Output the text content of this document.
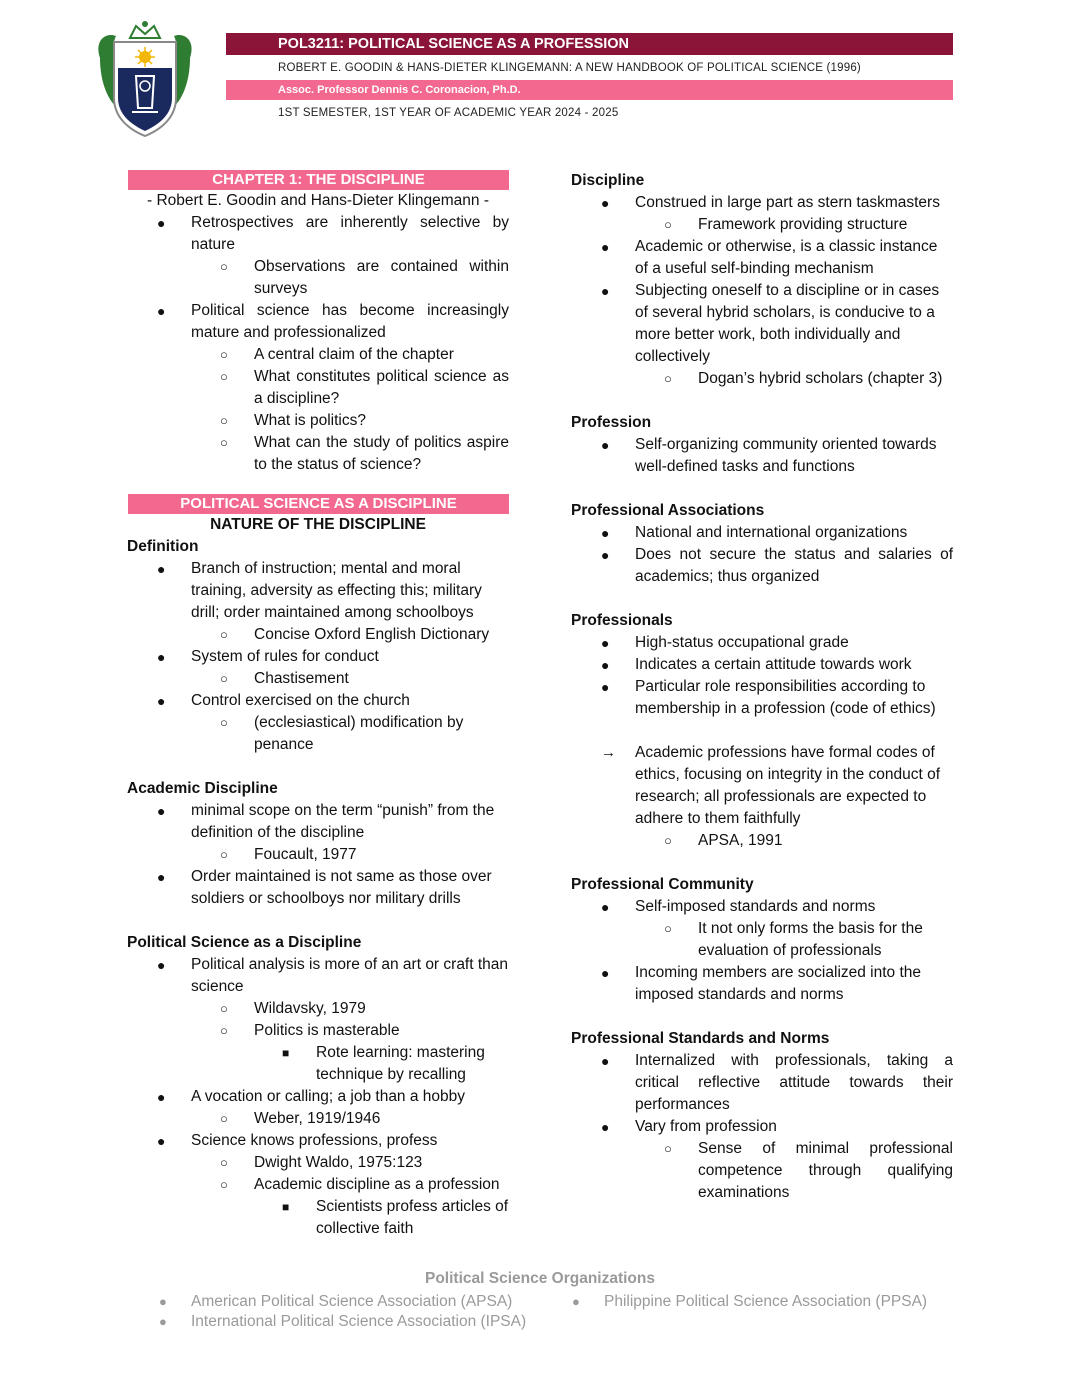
POL3211: POLITICAL SCIENCE AS A PROFESSION
ROBERT E. GOODIN & HANS-DIETER KLINGEMANN: A NEW HANDBOOK OF POLITICAL SCIENCE (1996)
Assoc. Professor Dennis C. Coronacion, Ph.D.
1ST SEMESTER, 1ST YEAR OF ACADEMIC YEAR 2024 - 2025
CHAPTER 1: THE DISCIPLINE
- Robert E. Goodin and Hans-Dieter Klingemann -
●	Retrospectives are inherently selective by nature
○	Observations are contained within surveys
●	Political science has become increasingly mature and professionalized
○	A central claim of the chapter
○	What constitutes political science as a discipline?
○	What is politics?
○	What can the study of politics aspire to the status of science?
POLITICAL SCIENCE AS A DISCIPLINE
NATURE OF THE DISCIPLINE
Definition
●	Branch of instruction; mental and moral training, adversity as effecting this; military drill; order maintained among schoolboys
○	Concise Oxford English Dictionary
●	System of rules for conduct
○	Chastisement
●	Control exercised on the church
○	(ecclesiastical) modification by penance
Academic Discipline
●	minimal scope on the term “punish” from the definition of the discipline
○	Foucault, 1977
●	Order maintained is not same as those over soldiers or schoolboys nor military drills
Political Science as a Discipline
●	Political analysis is more of an art or craft than science
○	Wildavsky, 1979
○	Politics is masterable
■	Rote learning: mastering technique by recalling
●	A vocation or calling; a job than a hobby
○	Weber, 1919/1946
●	Science knows professions, profess
○	Dwight Waldo, 1975:123
○	Academic discipline as a profession
■	Scientists profess articles of collective faith
Discipline
●	Construed in large part as stern taskmasters
○	Framework providing structure
●	Academic or otherwise, is a classic instance of a useful self-binding mechanism
●	Subjecting oneself to a discipline or in cases of several hybrid scholars, is conducive to a more better work, both individually and collectively
○	Dogan’s hybrid scholars (chapter 3)
Profession
●	Self-organizing community oriented towards well-defined tasks and functions
Professional Associations
●	National and international organizations
●	Does not secure the status and salaries of academics; thus organized
Professionals
●	High-status occupational grade
●	Indicates a certain attitude towards work
●	Particular role responsibilities according to membership in a profession (code of ethics)
→	Academic professions have formal codes of ethics, focusing on integrity in the conduct of research; all professionals are expected to adhere to them faithfully
○	APSA, 1991
Professional Community
●	Self-imposed standards and norms
○	It not only forms the basis for the evaluation of professionals
●	Incoming members are socialized into the imposed standards and norms
Professional Standards and Norms
●	Internalized with professionals, taking a critical reflective attitude towards their performances
●	Vary from profession
○	Sense of minimal professional competence through qualifying examinations
Political Science Organizations
●	American Political Science Association (APSA)
●	International Political Science Association (IPSA)
●	Philippine Political Science Association (PPSA)
